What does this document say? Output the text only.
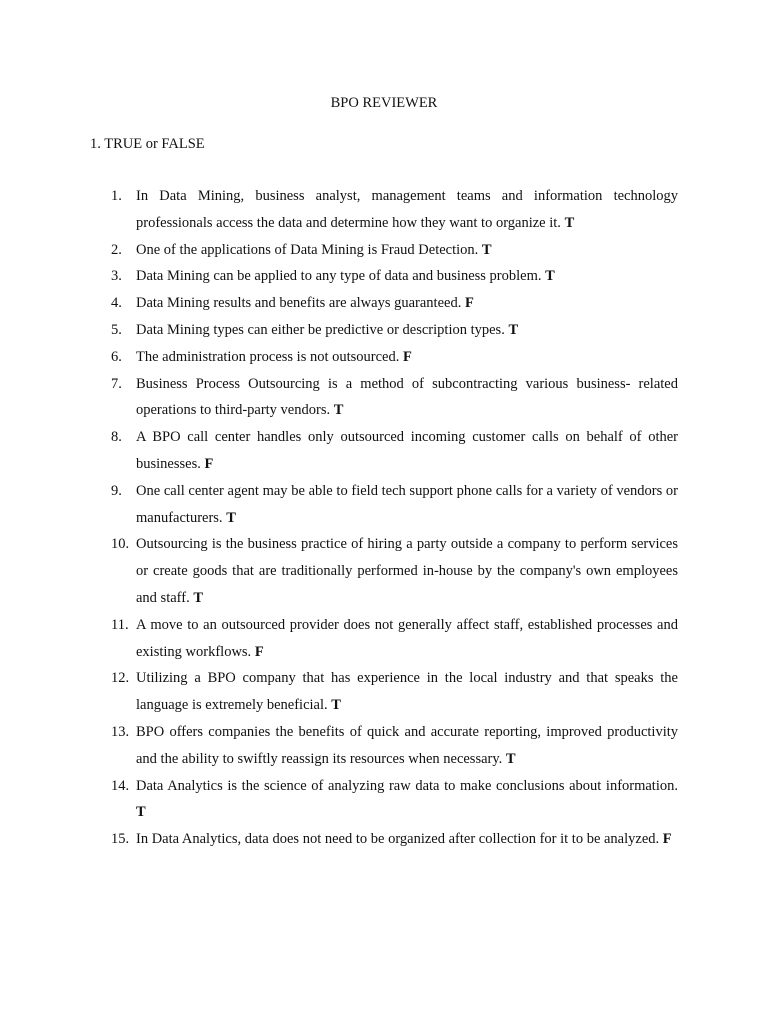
BPO REVIEWER
1. TRUE or FALSE
1. In Data Mining, business analyst, management teams and information technology professionals access the data and determine how they want to organize it. T
2. One of the applications of Data Mining is Fraud Detection. T
3. Data Mining can be applied to any type of data and business problem. T
4. Data Mining results and benefits are always guaranteed. F
5. Data Mining types can either be predictive or description types. T
6. The administration process is not outsourced. F
7. Business Process Outsourcing is a method of subcontracting various business- related operations to third-party vendors. T
8. A BPO call center handles only outsourced incoming customer calls on behalf of other businesses. F
9. One call center agent may be able to field tech support phone calls for a variety of vendors or manufacturers. T
10. Outsourcing is the business practice of hiring a party outside a company to perform services or create goods that are traditionally performed in-house by the company's own employees and staff. T
11. A move to an outsourced provider does not generally affect staff, established processes and existing workflows. F
12. Utilizing a BPO company that has experience in the local industry and that speaks the language is extremely beneficial. T
13. BPO offers companies the benefits of quick and accurate reporting, improved productivity and the ability to swiftly reassign its resources when necessary. T
14. Data Analytics is the science of analyzing raw data to make conclusions about information. T
15. In Data Analytics, data does not need to be organized after collection for it to be analyzed. F
